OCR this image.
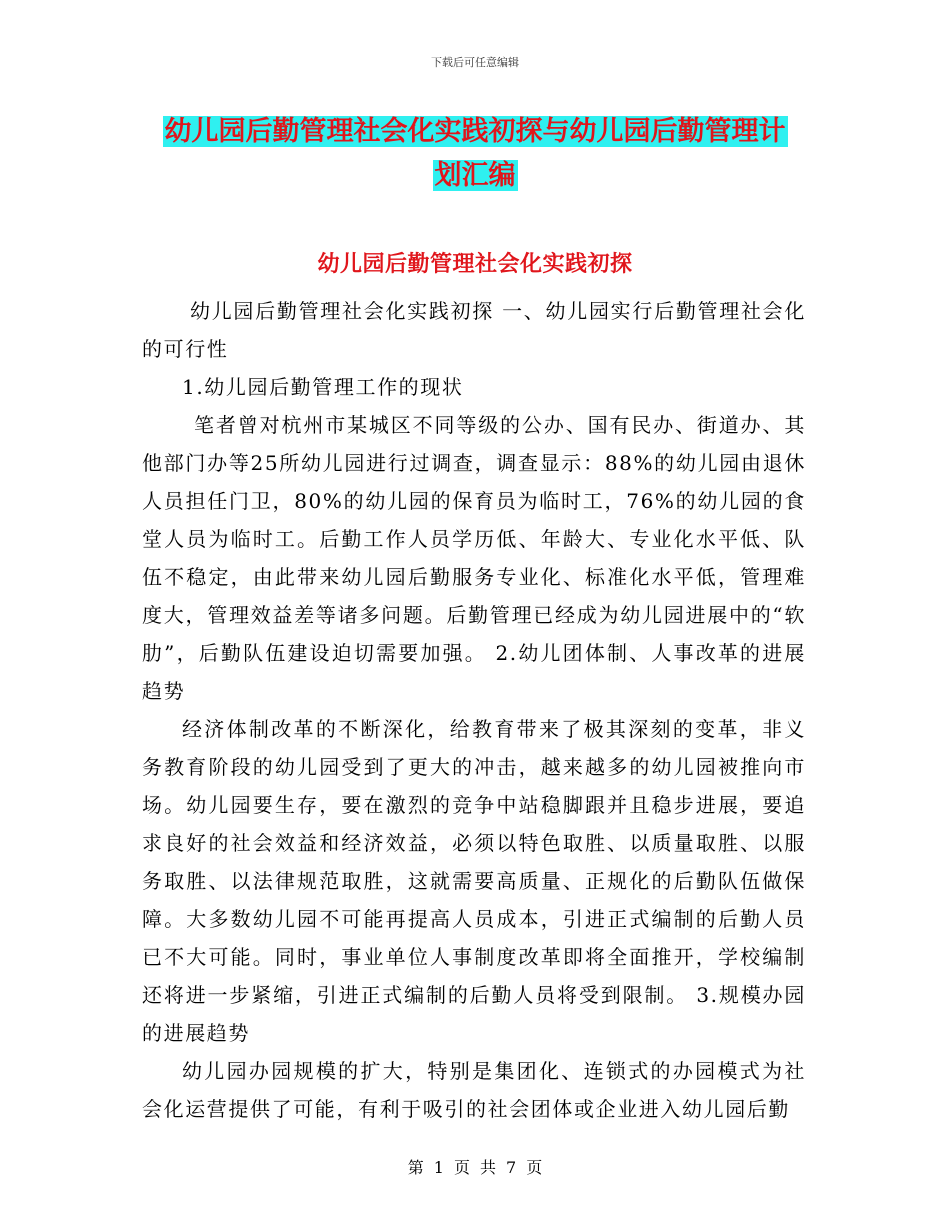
下载后可任意编辑
幼儿园后勤管理社会化实践初探与幼儿园后勤管理计
划汇编
幼儿园后勤管理社会化实践初探

幼儿园后勤管理社会化实践初探 一、幼儿园实行后勤管理社会化的可行性

1.幼儿园后勤管理工作的现状

笔者曾对杭州市某城区不同等级的公办、国有民办、街道办、其他部门办等25所幼儿园进行过调查，调查显示：88%的幼儿园由退休人员担任门卫，80%的幼儿园的保育员为临时工，76%的幼儿园的食堂人员为临时工。后勤工作人员学历低、年龄大、专业化水平低、队伍不稳定，由此带来幼儿园后勤服务专业化、标准化水平低，管理难度大，管理效益差等诸多问题。后勤管理已经成为幼儿园进展中的“软肋”，后勤队伍建设迫切需要加强。 2.幼儿团体制、人事改革的进展趋势

经济体制改革的不断深化，给教育带来了极其深刻的变革，非义务教育阶段的幼儿园受到了更大的冲击，越来越多的幼儿园被推向市场。幼儿园要生存，要在激烈的竞争中站稳脚跟并且稳步进展，要追求良好的社会效益和经济效益，必须以特色取胜、以质量取胜、以服务取胜、以法律规范取胜，这就需要高质量、正规化的后勤队伍做保障。大多数幼儿园不可能再提高人员成本，引进正式编制的后勤人员已不大可能。同时，事业单位人事制度改革即将全面推开，学校编制还将进一步紧缩，引进正式编制的后勤人员将受到限制。 3.规模办园的进展趋势

幼儿园办园规模的扩大，特别是集团化、连锁式的办园模式为社会化运营提供了可能，有利于吸引的社会团体或企业进入幼儿园后勤

第 1 页 共 7 页
